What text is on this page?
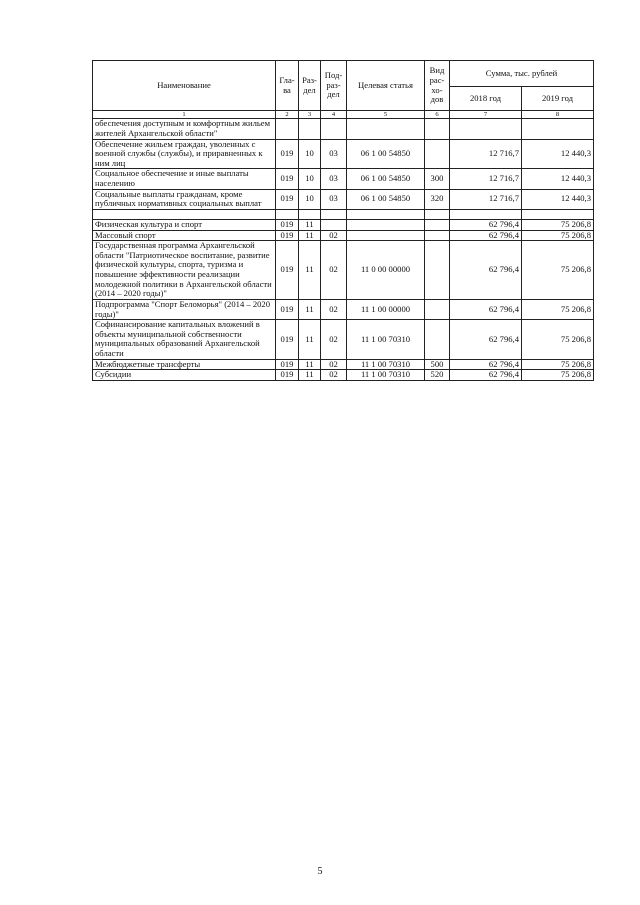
Наименование	Гла-ва	Раз-дел	Под-раз-дел	Целевая статья	Вид рас-хо-дов	Сумма, тыс. рублей	
						2018 год	2019 год
1	2	3	4	5	6	7	8
обеспечения доступным и комфортным жильем жителей Архангельской области"							
Обеспечение жильем граждан, уволенных с военной службы (службы), и приравненных к ним лиц	019	10	03	06 1 00 54850		12 716,7	12 440,3
Социальное обеспечение и иные выплаты населению	019	10	03	06 1 00 54850	300	12 716,7	12 440,3
Социальные выплаты гражданам, кроме публичных нормативных социальных выплат	019	10	03	06 1 00 54850	320	12 716,7	12 440,3

Физическая культура и спорт	019	11				62 796,4	75 206,8
Массовый спорт	019	11	02			62 796,4	75 206,8
Государственная программа Архангельской области "Патриотическое воспитание, развитие физической культуры, спорта, туризма и повышение эффективности реализации молодежной политики в Архангельской области (2014 – 2020 годы)"	019	11	02	11 0 00 00000		62 796,4	75 206,8
Подпрограмма "Спорт Беломорья" (2014 – 2020 годы)"	019	11	02	11 1 00 00000		62 796,4	75 206,8
Софинансирование капитальных вложений в объекты муниципальной собственности муниципальных образований Архангельской области	019	11	02	11 1 00 70310		62 796,4	75 206,8
Межбюджетные трансферты	019	11	02	11 1 00 70310	500	62 796,4	75 206,8
Субсидии	019	11	02	11 1 00 70310	520	62 796,4	75 206,8
5
